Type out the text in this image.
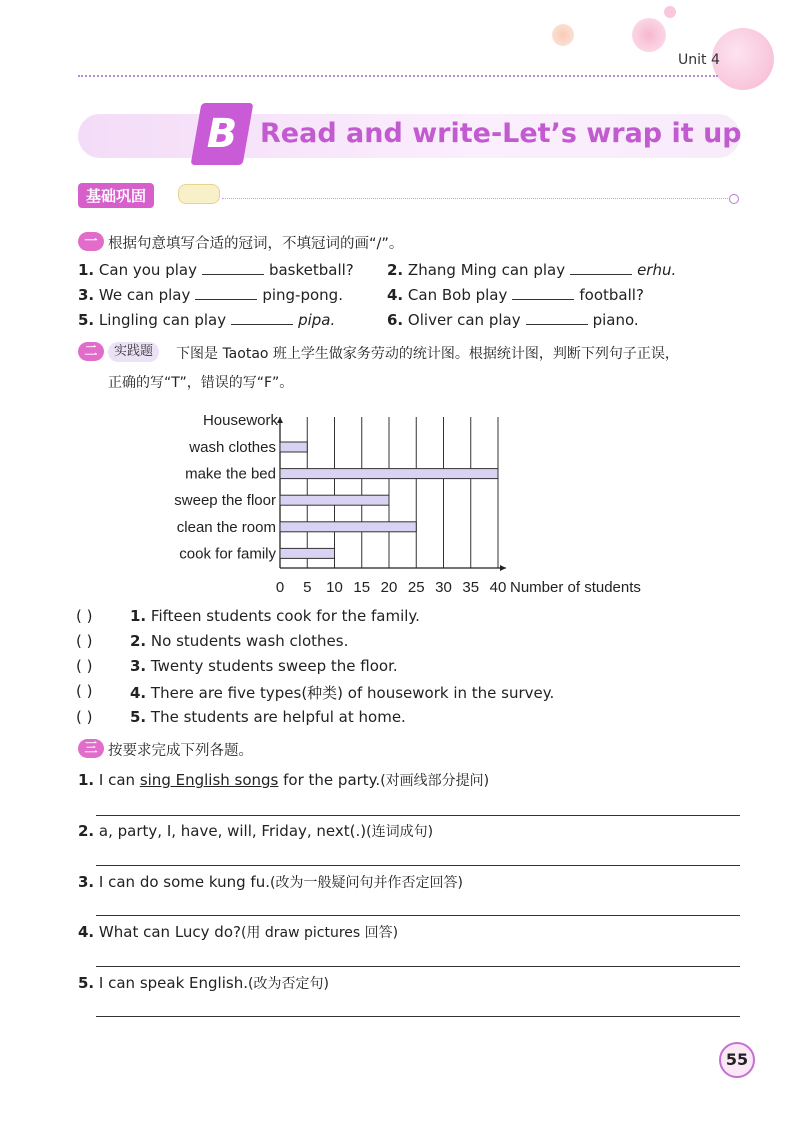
Unit 4
B Read and write-Let’s wrap it up
基础巩固
一 根据句意填写合适的冠词，不填冠词的画“/”。
1. Can you play	basketball? 2. Zhang Ming can play	erhu.
3. We can play	ping-pong.	4. Can Bob play	football?
5. Lingling can play	pipa.	6. Oliver can play	piano.
二	实践题	下图是 Taotao 班上学生做家务劳动的统计图。根据统计图，判断下列句子正误，
正确的写“T”，错误的写“F”。
Housework
wash clothes
make the bed
sweep the floor
clean the room
cook for family
0 5 10 15 20 25 30 35 40 Number of students
( )	1. Fifteen students cook for the family.
( )	2. No students wash clothes.
( )	3. Twenty students sweep the floor.
( )	4. There are five types(种类) of housework in the survey.
( )	5. The students are helpful at home.
三 按要求完成下列各题。
1. I can sing English songs for the party.(对画线部分提问)
2. a, party, I, have, will, Friday, next(.)(连词成句)
3. I can do some kung fu.(改为一般疑问句并作否定回答)
4. What can Lucy do?(用 draw pictures 回答)
5. I can speak English.(改为否定句)
55
